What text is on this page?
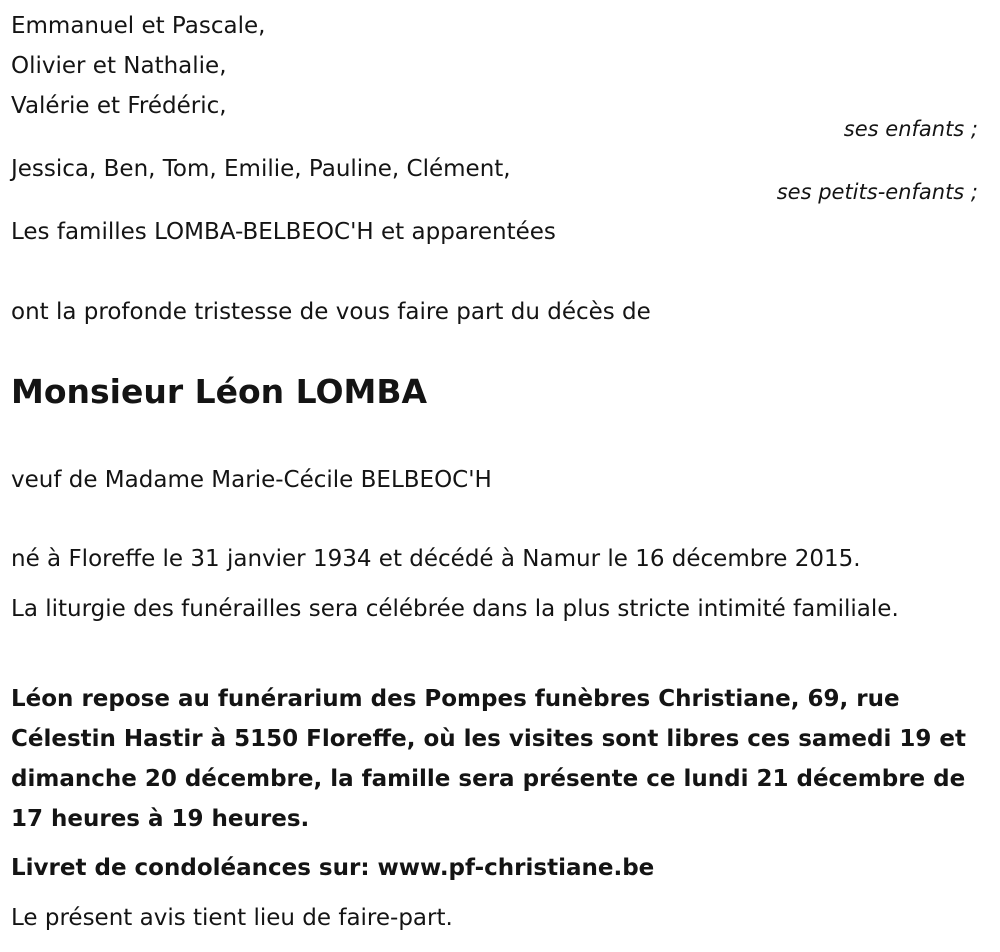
Emmanuel et Pascale,
Olivier et Nathalie,
Valérie et Frédéric,
ses enfants ;
Jessica, Ben, Tom, Emilie, Pauline, Clément,
ses petits-enfants ;
Les familles LOMBA-BELBEOC'H et apparentées
ont la profonde tristesse de vous faire part du décès de
Monsieur Léon LOMBA
veuf de Madame Marie-Cécile BELBEOC'H
né à Floreffe le 31 janvier 1934 et décédé à Namur le 16 décembre 2015.
La liturgie des funérailles sera célébrée dans la plus stricte intimité familiale.
Léon repose au funérarium des Pompes funèbres Christiane, 69, rue Célestin Hastir à 5150 Floreffe, où les visites sont libres ces samedi 19 et dimanche 20 décembre, la famille sera présente ce lundi 21 décembre de 17 heures à 19 heures.
Livret de condoléances sur: www.pf-christiane.be
Le présent avis tient lieu de faire-part.
